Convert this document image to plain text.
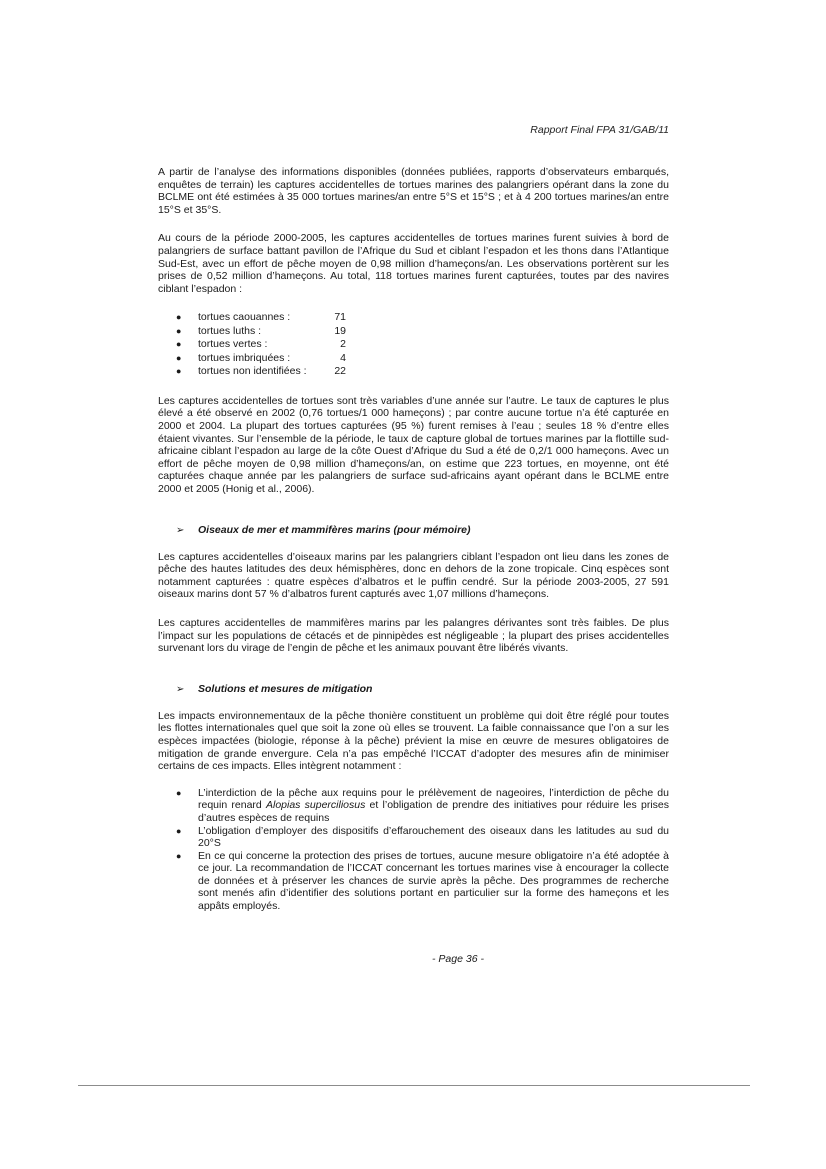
Rapport Final FPA 31/GAB/11

A partir de l’analyse des informations disponibles (données publiées, rapports d’observateurs embarqués, enquêtes de terrain) les captures accidentelles de tortues marines des palangriers opérant dans la zone du BCLME ont été estimées à 35 000 tortues marines/an entre 5°S et 15°S ; et à 4 200 tortues marines/an entre 15°S et 35°S.

Au cours de la période 2000-2005, les captures accidentelles de tortues marines furent suivies à bord de palangriers de surface battant pavillon de l’Afrique du Sud et ciblant l’espadon et les thons dans l’Atlantique Sud-Est, avec un effort de pêche moyen de 0,98 million d’hameçons/an. Les observations portèrent sur les prises de 0,52 million d’hameçons. Au total, 118 tortues marines furent capturées, toutes par des navires ciblant l’espadon :

● tortues caouannes :	71
● tortues luths :	19
● tortues vertes :	2
● tortues imbriquées :	4
● tortues non identifiées :	22

Les captures accidentelles de tortues sont très variables d’une année sur l’autre. Le taux de captures le plus élevé a été observé en 2002 (0,76 tortues/1 000 hameçons) ; par contre aucune tortue n’a été capturée en 2000 et 2004. La plupart des tortues capturées (95 %) furent remises à l’eau ; seules 18 % d’entre elles étaient vivantes. Sur l’ensemble de la période, le taux de capture global de tortues marines par la flottille sud-africaine ciblant l’espadon au large de la côte Ouest d’Afrique du Sud a été de 0,2/1 000 hameçons. Avec un effort de pêche moyen de 0,98 million d’hameçons/an, on estime que 223 tortues, en moyenne, ont été capturées chaque année par les palangriers de surface sud-africains ayant opérant dans le BCLME entre 2000 et 2005 (Honig et al., 2006).

➢ Oiseaux de mer et mammifères marins (pour mémoire)

Les captures accidentelles d’oiseaux marins par les palangriers ciblant l’espadon ont lieu dans les zones de pêche des hautes latitudes des deux hémisphères, donc en dehors de la zone tropicale. Cinq espèces sont notamment capturées : quatre espèces d’albatros et le puffin cendré. Sur la période 2003-2005, 27 591 oiseaux marins dont 57 % d’albatros furent capturés avec 1,07 millions d’hameçons.

Les captures accidentelles de mammifères marins par les palangres dérivantes sont très faibles. De plus l’impact sur les populations de cétacés et de pinnipèdes est négligeable ; la plupart des prises accidentelles survenant lors du virage de l’engin de pêche et les animaux pouvant être libérés vivants.

➢ Solutions et mesures de mitigation

Les impacts environnementaux de la pêche thonière constituent un problème qui doit être réglé pour toutes les flottes internationales quel que soit la zone où elles se trouvent. La faible connaissance que l’on a sur les espèces impactées (biologie, réponse à la pêche) prévient la mise en œuvre de mesures obligatoires de mitigation de grande envergure. Cela n’a pas empêché l’ICCAT d’adopter des mesures afin de minimiser certains de ces impacts. Elles intègrent notamment :

● L’interdiction de la pêche aux requins pour le prélèvement de nageoires, l’interdiction de pêche du requin renard Alopias superciliosus et l’obligation de prendre des initiatives pour réduire les prises d’autres espèces de requins
● L’obligation d’employer des dispositifs d’effarouchement des oiseaux dans les latitudes au sud du 20°S
● En ce qui concerne la protection des prises de tortues, aucune mesure obligatoire n’a été adoptée à ce jour. La recommandation de l’ICCAT concernant les tortues marines vise à encourager la collecte de données et à préserver les chances de survie après la pêche. Des programmes de recherche sont menés afin d’identifier des solutions portant en particulier sur la forme des hameçons et les appâts employés.
- Page 36 -
